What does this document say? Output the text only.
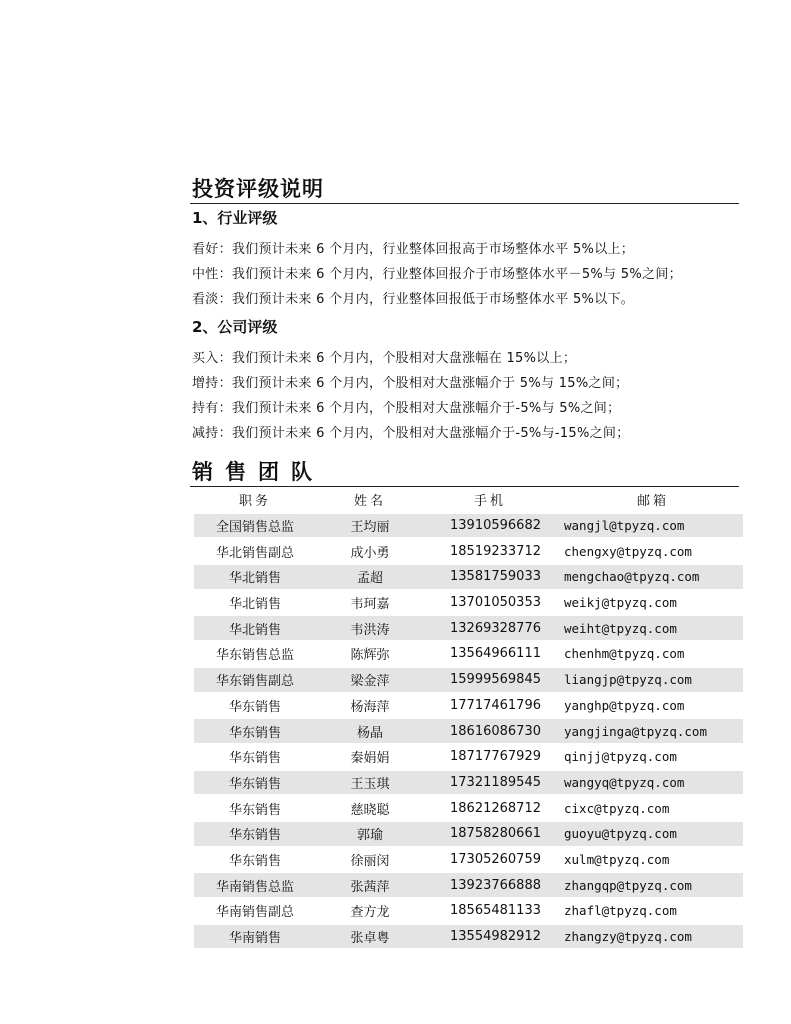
投资评级说明
1、行业评级
看好：我们预计未来 6 个月内，行业整体回报高于市场整体水平 5%以上；
中性：我们预计未来 6 个月内，行业整体回报介于市场整体水平－5%与 5%之间；
看淡：我们预计未来 6 个月内，行业整体回报低于市场整体水平 5%以下。
2、公司评级
买入：我们预计未来 6 个月内，个股相对大盘涨幅在 15%以上；
增持：我们预计未来 6 个月内，个股相对大盘涨幅介于 5%与 15%之间；
持有：我们预计未来 6 个月内，个股相对大盘涨幅介于-5%与 5%之间；
减持：我们预计未来 6 个月内，个股相对大盘涨幅介于-5%与-15%之间；
销售团队
职务	姓名	手机	邮箱
全国销售总监	王均丽	13910596682	wangjl@tpyzq.com
华北销售副总	成小勇	18519233712	chengxy@tpyzq.com
华北销售	孟超	13581759033	mengchao@tpyzq.com
华北销售	韦珂嘉	13701050353	weikj@tpyzq.com
华北销售	韦洪涛	13269328776	weiht@tpyzq.com
华东销售总监	陈辉弥	13564966111	chenhm@tpyzq.com
华东销售副总	梁金萍	15999569845	liangjp@tpyzq.com
华东销售	杨海萍	17717461796	yanghp@tpyzq.com
华东销售	杨晶	18616086730	yangjinga@tpyzq.com
华东销售	秦娟娟	18717767929	qinjj@tpyzq.com
华东销售	王玉琪	17321189545	wangyq@tpyzq.com
华东销售	慈晓聪	18621268712	cixc@tpyzq.com
华东销售	郭瑜	18758280661	guoyu@tpyzq.com
华东销售	徐丽闵	17305260759	xulm@tpyzq.com
华南销售总监	张茜萍	13923766888	zhangqp@tpyzq.com
华南销售副总	查方龙	18565481133	zhafl@tpyzq.com
华南销售	张卓粤	13554982912	zhangzy@tpyzq.com
